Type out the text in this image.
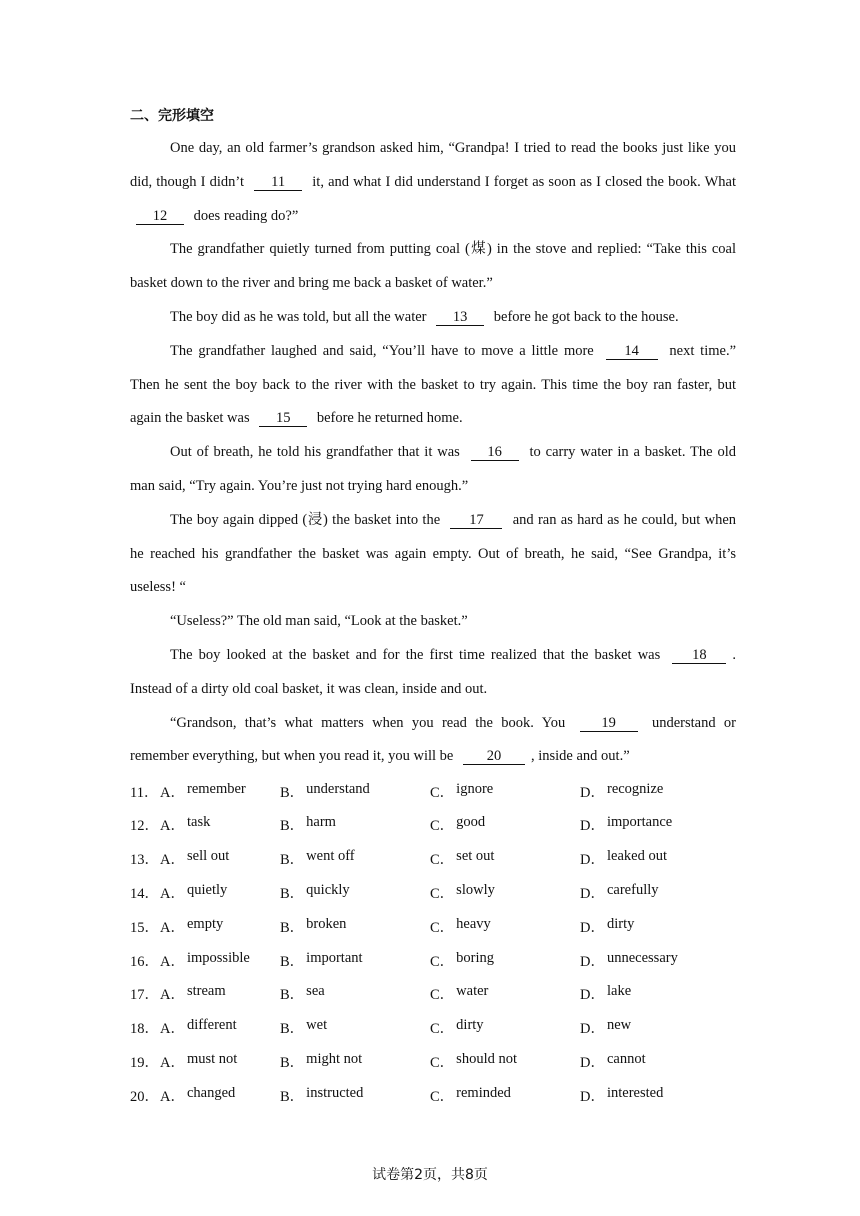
二、完形填空

One day, an old farmer’s grandson asked him, “Grandpa! I tried to read the books just like you did, though I didn’t 11 it, and what I did understand I forget as soon as I closed the book. What 12 does reading do?”

The grandfather quietly turned from putting coal (煤) in the stove and replied: “Take this coal basket down to the river and bring me back a basket of water.”

The boy did as he was told, but all the water 13 before he got back to the house.

The grandfather laughed and said, “You’ll have to move a little more 14 next time.” Then he sent the boy back to the river with the basket to try again. This time the boy ran faster, but again the basket was 15 before he returned home.

Out of breath, he told his grandfather that it was 16 to carry water in a basket. The old man said, “Try again. You’re just not trying hard enough.”

The boy again dipped (浸) the basket into the 17 and ran as hard as he could, but when he reached his grandfather the basket was again empty. Out of breath, he said, “See Grandpa, it’s useless! “

“Useless?” The old man said, “Look at the basket.”

The boy looked at the basket and for the first time realized that the basket was 18 . Instead of a dirty old coal basket, it was clean, inside and out.

“Grandson, that’s what matters when you read the book. You 19 understand or remember everything, but when you read it, you will be 20 , inside and out.”

11． A． remember B． understand	C． ignore	D． recognize
12． A． task	B． harm	C． good	D． importance
13． A． sell out	B． went off	C． set out	D． leaked out
14． A． quietly	B． quickly	C． slowly	D． carefully
15． A． empty	B． broken	C． heavy	D． dirty
16． A． impossible B． important	C． boring	D． unnecessary
17． A． stream	B． sea	C． water	D． lake
18． A． different	B． wet	C． dirty	D． new
19． A． must not	B． might not	C． should not	D． cannot
20． A． changed	B． instructed	C． reminded	D． interested
试卷第2页，共8页
